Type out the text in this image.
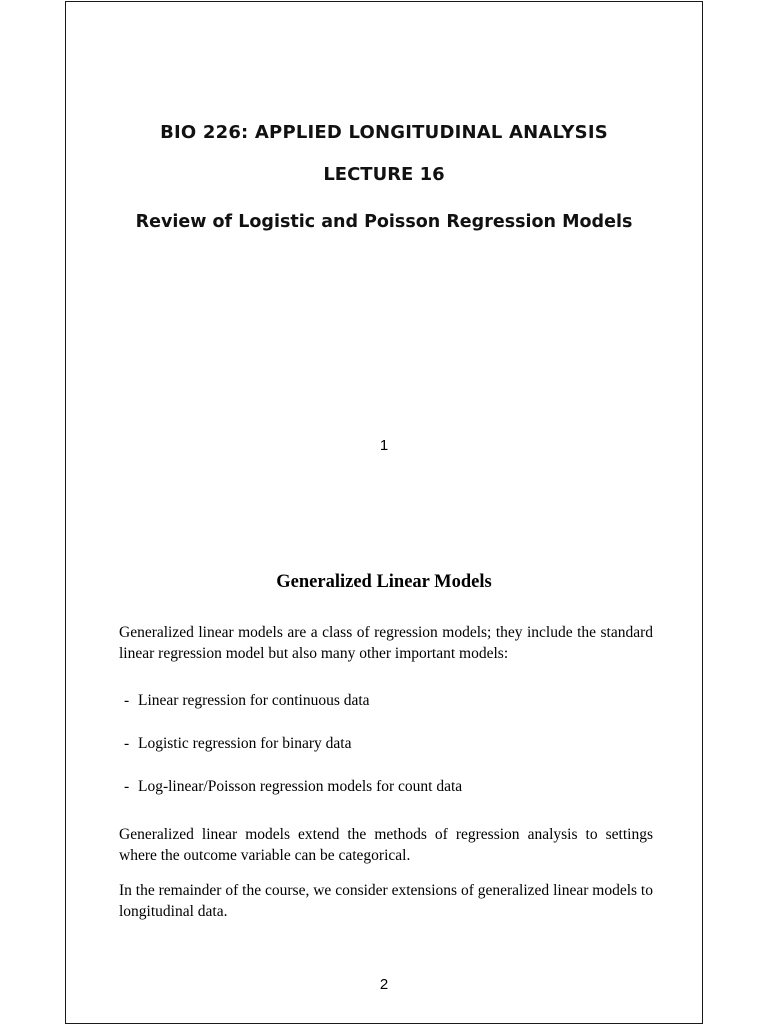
BIO 226: APPLIED LONGITUDINAL ANALYSIS
LECTURE 16
Review of Logistic and Poisson Regression Models
1
Generalized Linear Models
Generalized linear models are a class of regression models; they include the standard linear regression model but also many other important models:
- Linear regression for continuous data
- Logistic regression for binary data
- Log-linear/Poisson regression models for count data
Generalized linear models extend the methods of regression analysis to settings where the outcome variable can be categorical.
In the remainder of the course, we consider extensions of generalized linear models to longitudinal data.
2
